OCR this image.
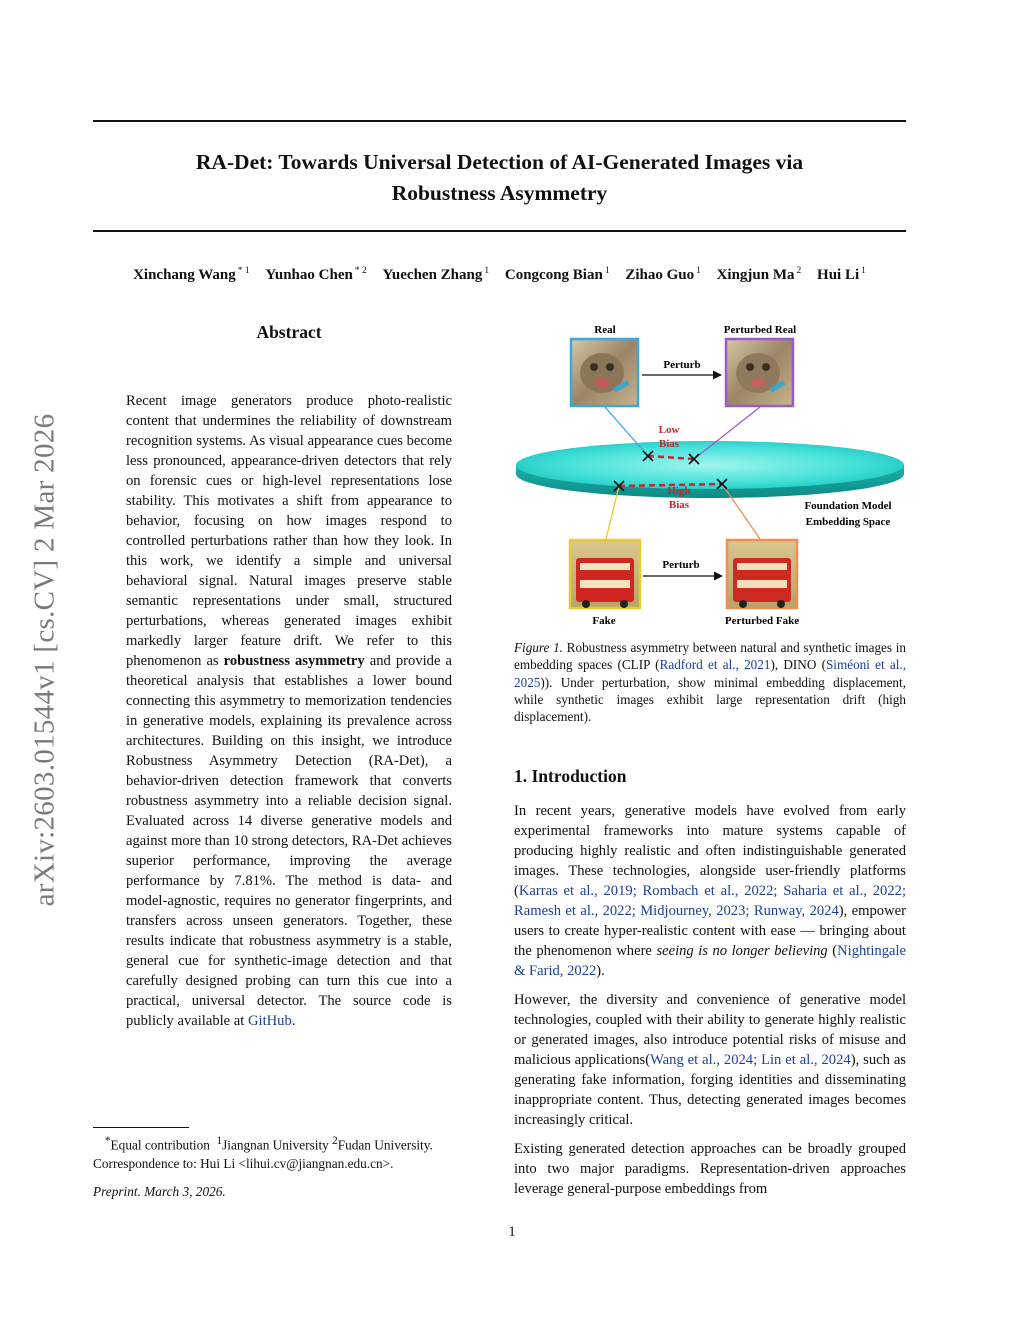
arXiv:2603.01544v1 [cs.CV] 2 Mar 2026
RA-Det: Towards Universal Detection of AI-Generated Images via
Robustness Asymmetry
Xinchang Wang $^{* 1}$ Yunhao Chen $^{* 2}$ Yuechen Zhang $^1$ Congcong Bian $^1$ Zihao Guo $^1$ Xingjun Ma $^2$ Hui Li $^1$
Abstract

Recent image generators produce photo-realistic content that undermines the reliability of downstream recognition systems. As visual appearance cues become less pronounced, appearance-driven detectors that rely on forensic cues or high-level representations lose stability. This motivates a shift from appearance to behavior, focusing on how images respond to controlled perturbations rather than how they look. In this work, we identify a simple and universal behavioral signal. Natural images preserve stable semantic representations under small, structured perturbations, whereas generated images exhibit markedly larger feature drift. We refer to this phenomenon as robustness asymmetry and provide a theoretical analysis that establishes a lower bound connecting this asymmetry to memorization tendencies in generative models, explaining its prevalence across architectures. Building on this insight, we introduce Robustness Asymmetry Detection (RA-Det), a behavior-driven detection framework that converts robustness asymmetry into a reliable decision signal. Evaluated across 14 diverse generative models and against more than 10 strong detectors, RA-Det achieves superior performance, improving the average performance by 7.81%. The method is data- and model-agnostic, requires no generator fingerprints, and transfers across unseen generators. Together, these results indicate that robustness asymmetry is a stable, general cue for synthetic-image detection and that carefully designed probing can turn this cue into a practical, universal detector. The source code is publicly available at GitHub.

*Equal contribution $^1$Jiangnan University $^2$Fudan University.

Correspondence to: Hui Li <lihui.cv@jiangnan.edu.cn>.

Preprint. March 3, 2026.
Real	Perturbed Real
Perturb
Low
Bias
High
Bias	Foundation Model
Embedding Space
Perturb
Fake	Perturbed Fake

Figure 1. Robustness asymmetry between natural and synthetic images in embedding spaces (CLIP (Radford et al., 2021), DINO (Siméoni et al., 2025)). Under perturbation, show minimal embedding displacement, while synthetic images exhibit large representation drift (high displacement).

1. Introduction

In recent years, generative models have evolved from early experimental frameworks into mature systems capable of producing highly realistic and often indistinguishable generated images. These technologies, alongside user-friendly platforms (Karras et al., 2019; Rombach et al., 2022; Saharia et al., 2022; Ramesh et al., 2022; Midjourney, 2023; Runway, 2024), empower users to create hyper-realistic content with ease — bringing about the phenomenon where seeing is no longer believing (Nightingale & Farid, 2022).

However, the diversity and convenience of generative model technologies, coupled with their ability to generate highly realistic or generated images, also introduce potential risks of misuse and malicious applications(Wang et al., 2024; Lin et al., 2024), such as generating fake information, forging identities and disseminating inappropriate content. Thus, detecting generated images becomes increasingly critical.

Existing generated detection approaches can be broadly grouped into two major paradigms. Representation-driven approaches leverage general-purpose embeddings from

1
